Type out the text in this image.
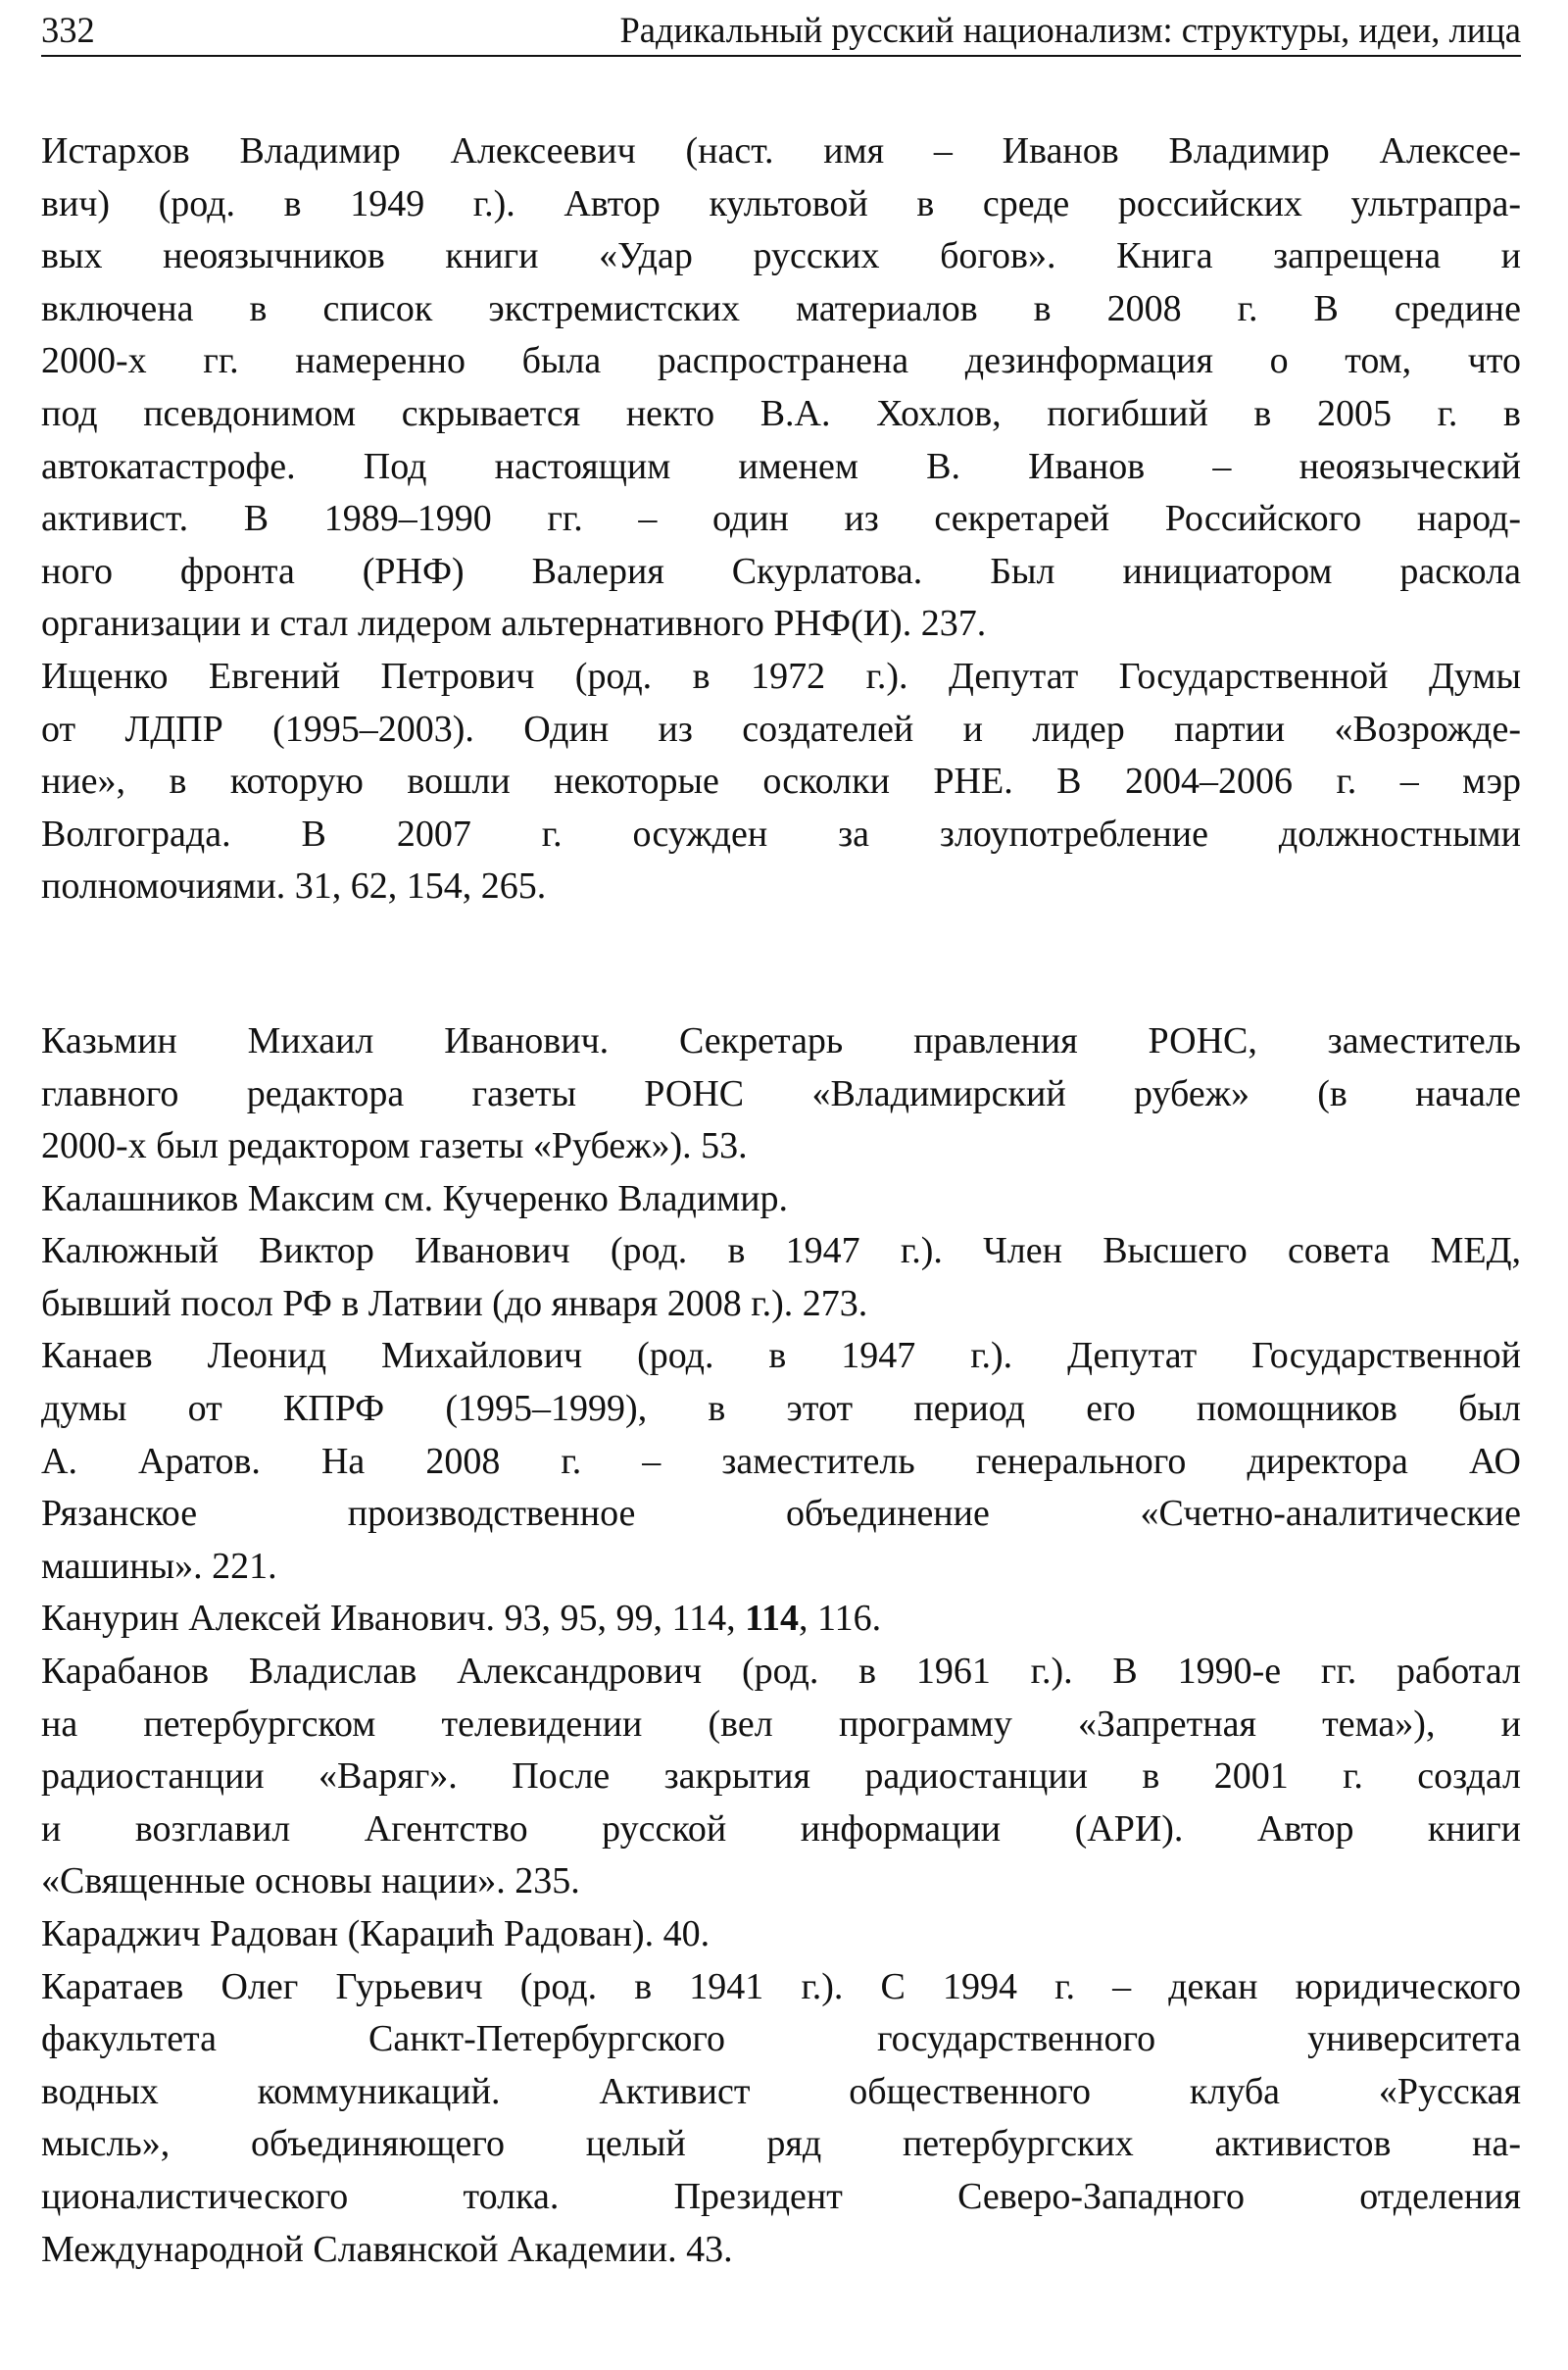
332	Радикальный русский национализм: структуры, идеи, лица

Истархов Владимир Алексеевич (наст. имя – Иванов Владимир Алексее-
вич) (род. в 1949 г.). Автор культовой в среде российских ультрапра-
вых неоязычников книги «Удар русских богов». Книга запрещена и
включена в список экстремистских материалов в 2008 г. В средине
2000-х гг. намеренно была распространена дезинформация о том, что
под псевдонимом скрывается некто В.А. Хохлов, погибший в 2005 г. в
автокатастрофе. Под настоящим именем В. Иванов – неоязыческий
активист. В 1989–1990 гг. – один из секретарей Российского народ-
ного фронта (РНФ) Валерия Скурлатова. Был инициатором раскола
организации и стал лидером альтернативного РНФ(И). 237.

Ищенко Евгений Петрович (род. в 1972 г.). Депутат Государственной Думы
от ЛДПР (1995–2003). Один из создателей и лидер партии «Возрожде-
ние», в которую вошли некоторые осколки РНЕ. В 2004–2006 г. – мэр
Волгограда. В 2007 г. осужден за злоупотребление должностными
полномочиями. 31, 62, 154, 265.

Казьмин Михаил Иванович. Секретарь правления РОНС, заместитель
главного редактора газеты РОНС «Владимирский рубеж» (в начале
2000-х был редактором газеты «Рубеж»). 53.

Калашников Максим см. Кучеренко Владимир.

Калюжный Виктор Иванович (род. в 1947 г.). Член Высшего совета МЕД,
бывший посол РФ в Латвии (до января 2008 г.). 273.

Канаев Леонид Михайлович (род. в 1947 г.). Депутат Государственной
думы от КПРФ (1995–1999), в этот период его помощников был
А. Аратов. На 2008 г. – заместитель генерального директора АО
Рязанское производственное объединение «Счетно-аналитические
машины». 221.

Канурин Алексей Иванович. 93, 95, 99, 114, 114, 116.

Карабанов Владислав Александрович (род. в 1961 г.). В 1990-е гг. работал
на петербургском телевидении (вел программу «Запретная тема»), и
радиостанции «Варяг». После закрытия радиостанции в 2001 г. создал
и возглавил Агентство русской информации (АРИ). Автор книги
«Священные основы нации». 235.

Караджич Радован (Караџић Радован). 40.

Каратаев Олег Гурьевич (род. в 1941 г.). С 1994 г. – декан юридического
факультета Санкт-Петербургского государственного университета
водных коммуникаций. Активист общественного клуба «Русская
мысль», объединяющего целый ряд петербургских активистов на-
ционалистического толка. Президент Северо-Западного отделения
Международной Славянской Академии. 43.
